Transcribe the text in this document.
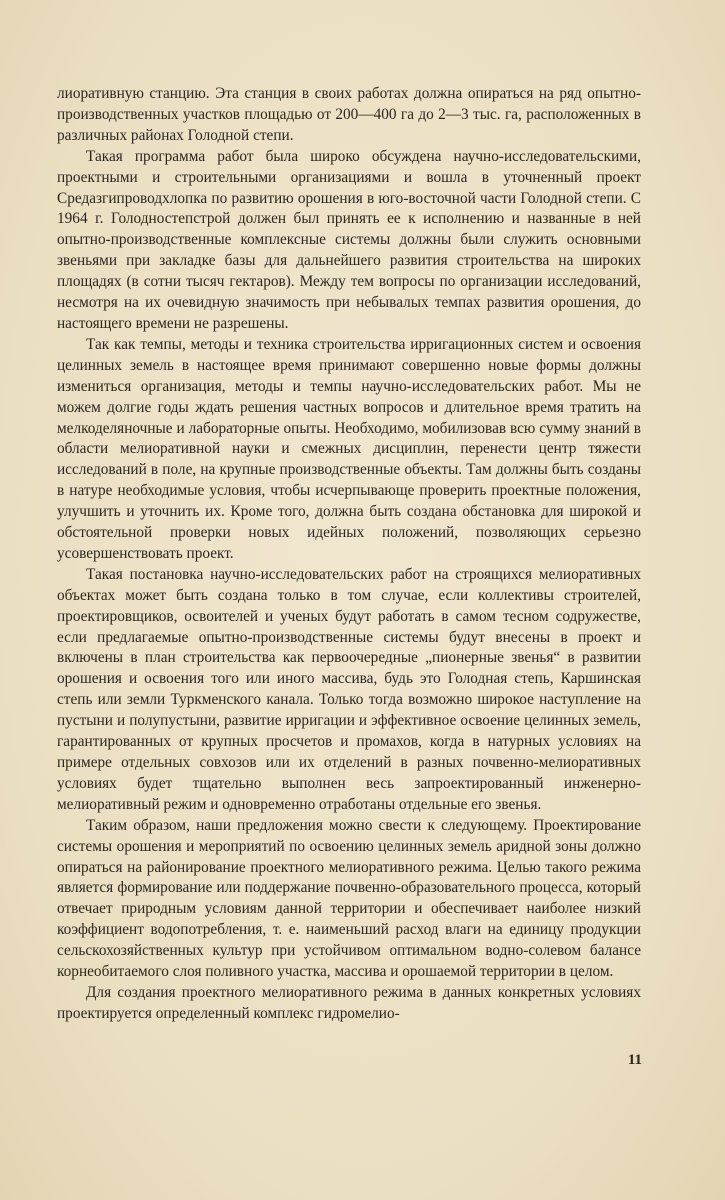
лиоративную станцию. Эта станция в своих работах должна опираться на ряд опытно-производственных участков площадью от 200—400 га до 2—3 тыс. га, расположенных в различных районах Голодной степи.

Такая программа работ была широко обсуждена научно-исследовательскими, проектными и строительными организациями и вошла в уточненный проект Средазгипроводхлопка по развитию орошения в юго-восточной части Голодной степи. С 1964 г. Голодностепстрой должен был принять ее к исполнению и названные в ней опытно-производственные комплексные системы должны были служить основными звеньями при закладке базы для дальнейшего развития строительства на широких площадях (в сотни тысяч гектаров). Между тем вопросы по организации исследований, несмотря на их очевидную значимость при небывалых темпах развития орошения, до настоящего времени не разрешены.

Так как темпы, методы и техника строительства ирригационных систем и освоения целинных земель в настоящее время принимают совершенно новые формы должны измениться организация, методы и темпы научно-исследовательских работ. Мы не можем долгие годы ждать решения частных вопросов и длительное время тратить на мелкоделяночные и лабораторные опыты. Необходимо, мобилизовав всю сумму знаний в области мелиоративной науки и смежных дисциплин, перенести центр тяжести исследований в поле, на крупные производственные объекты. Там должны быть созданы в натуре необходимые условия, чтобы исчерпывающе проверить проектные положения, улучшить и уточнить их. Кроме того, должна быть создана обстановка для широкой и обстоятельной проверки новых идейных положений, позволяющих серьезно усовершенствовать проект.

Такая постановка научно-исследовательских работ на строящихся мелиоративных объектах может быть создана только в том случае, если коллективы строителей, проектировщиков, освоителей и ученых будут работать в самом тесном содружестве, если предлагаемые опытно-производственные системы будут внесены в проект и включены в план строительства как первоочередные „пионерные звенья“ в развитии орошения и освоения того или иного массива, будь это Голодная степь, Каршинская степь или земли Туркменского канала. Только тогда возможно широкое наступление на пустыни и полупустыни, развитие ирригации и эффективное освоение целинных земель, гарантированных от крупных просчетов и промахов, когда в натурных условиях на примере отдельных совхозов или их отделений в разных почвенно-мелиоративных условиях будет тщательно выполнен весь запроектированный инженерно-мелиоративный режим и одновременно отработаны отдельные его звенья.

Таким образом, наши предложения можно свести к следующему. Проектирование системы орошения и мероприятий по освоению целинных земель аридной зоны должно опираться на районирование проектного мелиоративного режима. Целью такого режима является формирование или поддержание почвенно-образовательного процесса, который отвечает природным условиям данной территории и обеспечивает наиболее низкий коэффициент водопотребления, т. е. наименьший расход влаги на единицу продукции сельскохозяйственных культур при устойчивом оптимальном водно-солевом балансе корнеобитаемого слоя поливного участка, массива и орошаемой территории в целом.

Для создания проектного мелиоративного режима в данных конкретных условиях проектируется определенный комплекс гидромелио-

11
